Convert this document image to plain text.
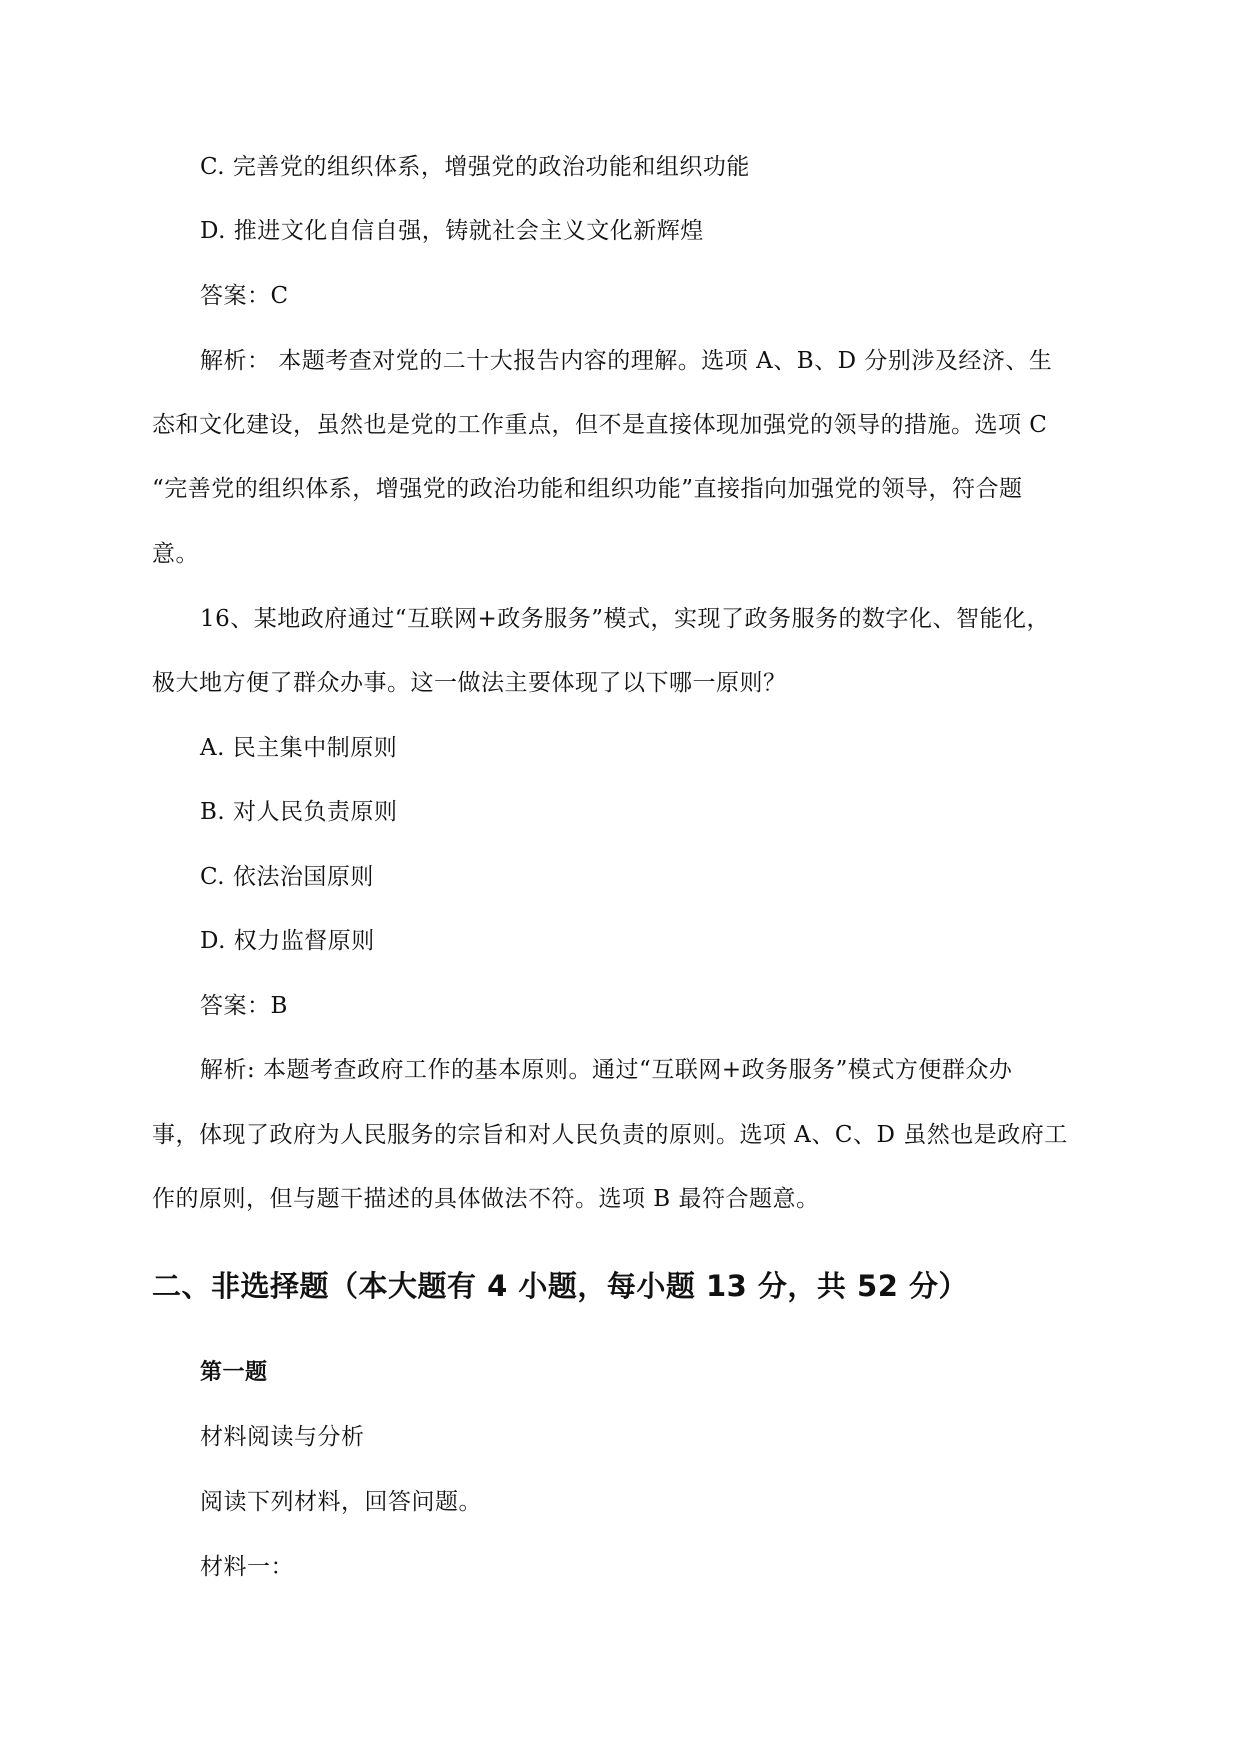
C. 完善党的组织体系，增强党的政治功能和组织功能
D. 推进文化自信自强，铸就社会主义文化新辉煌
答案：C
解析： 本题考查对党的二十大报告内容的理解。选项 A、B、D 分别涉及经济、生
态和文化建设，虽然也是党的工作重点，但不是直接体现加强党的领导的措施。选项 C
“完善党的组织体系，增强党的政治功能和组织功能”直接指向加强党的领导，符合题
意。
16、某地政府通过“互联网+政务服务”模式，实现了政务服务的数字化、智能化，
极大地方便了群众办事。这一做法主要体现了以下哪一原则？
A. 民主集中制原则
B. 对人民负责原则
C. 依法治国原则
D. 权力监督原则
答案：B
解析: 本题考查政府工作的基本原则。通过“互联网+政务服务”模式方便群众办
事，体现了政府为人民服务的宗旨和对人民负责的原则。选项 A、C、D 虽然也是政府工
作的原则，但与题干描述的具体做法不符。选项 B 最符合题意。
二、非选择题（本大题有 4 小题，每小题 13 分，共 52 分）
第一题
材料阅读与分析
阅读下列材料，回答问题。
材料一：
